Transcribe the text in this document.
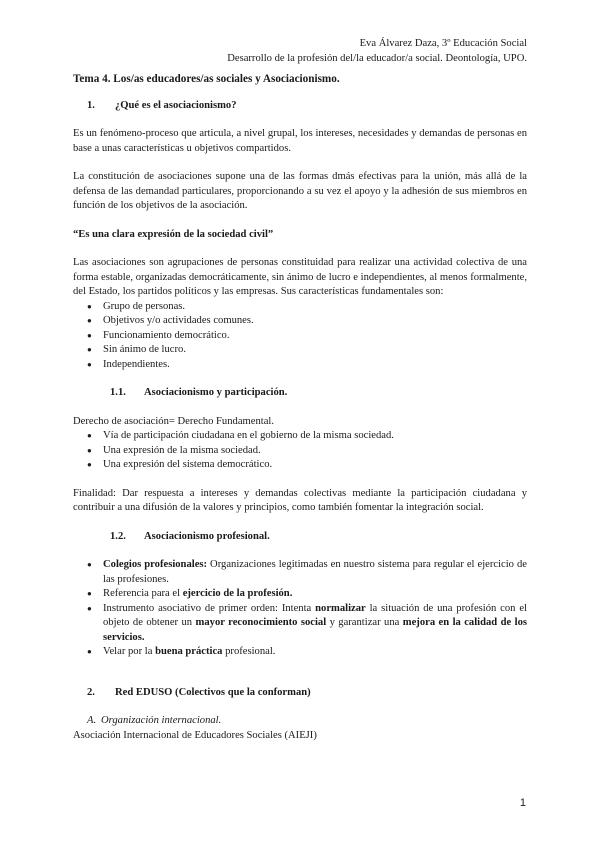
Eva Álvarez Daza, 3º Educación Social
Desarrollo de la profesión del/la educador/a social. Deontología, UPO.
Tema 4. Los/as educadores/as sociales y Asociacionismo.
1. ¿Qué es el asociacionismo?

Es un fenómeno-proceso que articula, a nivel grupal, los intereses, necesidades y demandas de personas en base a unas características u objetivos compartidos.

La constitución de asociaciones supone una de las formas dmás efectivas para la unión, más allá de la defensa de las demandad particulares, proporcionando a su vez el apoyo y la adhesión de sus miembros en función de los objetivos de la asociación.

“Es una clara expresión de la sociedad civil”

Las asociaciones son agrupaciones de personas constituidad para realizar una actividad colectiva de una forma estable, organizadas democráticamente, sin ánimo de lucro e independientes, al menos formalmente, del Estado, los partidos políticos y las empresas. Sus características fundamentales son:

● Grupo de personas.
● Objetivos y/o actividades comunes.
● Funcionamiento democrático.
● Sin ánimo de lucro.
● Independientes.
1.1. Asociacionismo y participación.

Derecho de asociación= Derecho Fundamental.

● Vía de participación ciudadana en el gobierno de la misma sociedad.
● Una expresión de la misma sociedad.
● Una expresión del sistema democrático.

Finalidad: Dar respuesta a intereses y demandas colectivas mediante la participación ciudadana y contribuir a una difusión de la valores y principios, como también fomentar la integración social.

1.2. Asociacionismo profesional.
● Colegios profesionales: Organizaciones legitimadas en nuestro sistema para regular el ejercicio de las profesiones.
● Referencia para el ejercicio de la profesión.
● Instrumento asociativo de primer orden: Intenta normalizar la situación de una profesión con el objeto de obtener un mayor reconocimiento social y garantizar una mejora en la calidad de los servicios.
● Velar por la buena práctica profesional.
2. Red EDUSO (Colectivos que la conforman)
A. Organización internacional.
Asociación Internacional de Educadores Sociales (AIEJI)
1
